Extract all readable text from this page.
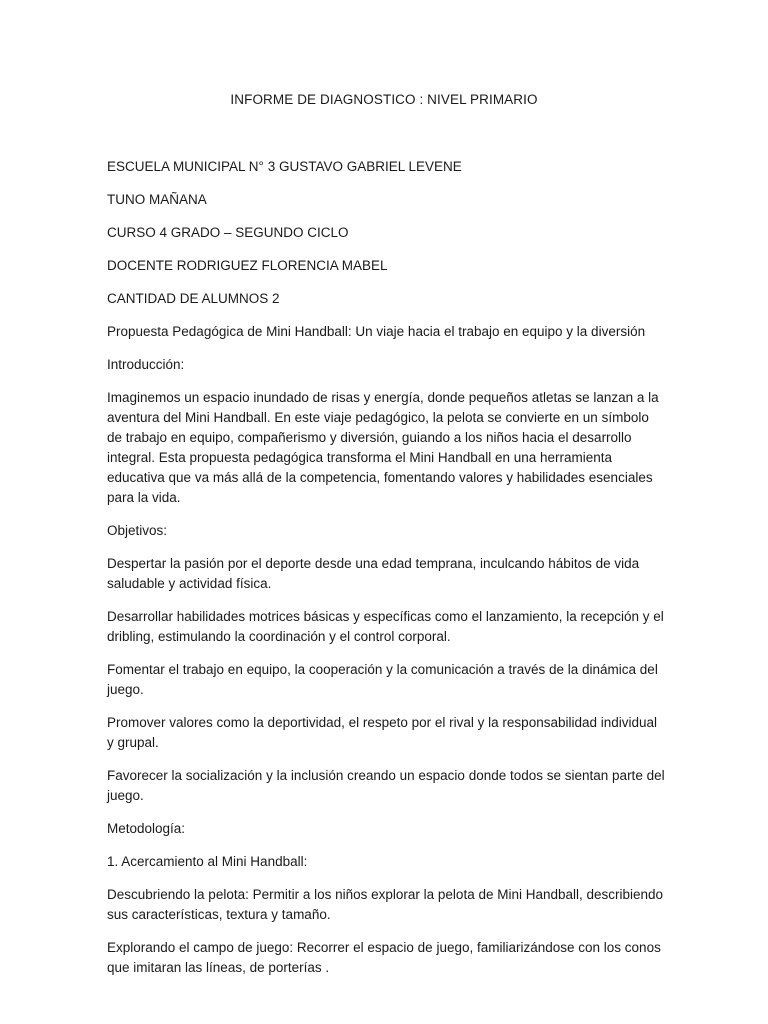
INFORME DE DIAGNOSTICO : NIVEL PRIMARIO

ESCUELA MUNICIPAL N° 3 GUSTAVO GABRIEL LEVENE

TUNO MAÑANA

CURSO 4 GRADO – SEGUNDO CICLO

DOCENTE RODRIGUEZ FLORENCIA MABEL

CANTIDAD DE ALUMNOS 2

Propuesta Pedagógica de Mini Handball: Un viaje hacia el trabajo en equipo y la diversión

Introducción:

Imaginemos un espacio inundado de risas y energía, donde pequeños atletas se lanzan a la aventura del Mini Handball. En este viaje pedagógico, la pelota se convierte en un símbolo de trabajo en equipo, compañerismo y diversión, guiando a los niños hacia el desarrollo integral. Esta propuesta pedagógica transforma el Mini Handball en una herramienta educativa que va más allá de la competencia, fomentando valores y habilidades esenciales para la vida.

Objetivos:

Despertar la pasión por el deporte desde una edad temprana, inculcando hábitos de vida saludable y actividad física.

Desarrollar habilidades motrices básicas y específicas como el lanzamiento, la recepción y el dribling, estimulando la coordinación y el control corporal.

Fomentar el trabajo en equipo, la cooperación y la comunicación a través de la dinámica del juego.

Promover valores como la deportividad, el respeto por el rival y la responsabilidad individual y grupal.

Favorecer la socialización y la inclusión creando un espacio donde todos se sientan parte del juego.

Metodología:

1. Acercamiento al Mini Handball:

Descubriendo la pelota: Permitir a los niños explorar la pelota de Mini Handball, describiendo sus características, textura y tamaño.

Explorando el campo de juego: Recorrer el espacio de juego, familiarizándose con los conos que imitaran las líneas, de porterías .
